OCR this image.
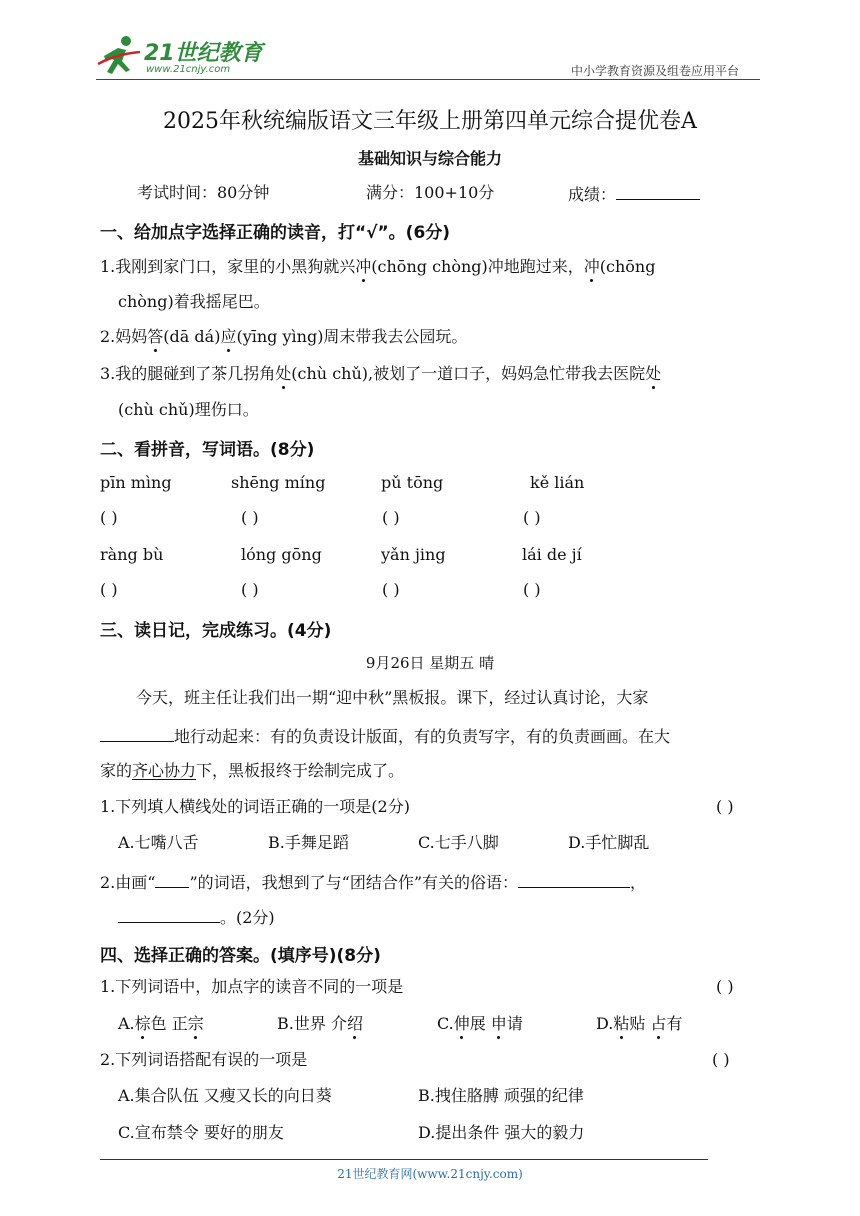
21世纪教育
www.21cnjy.com	中小学教育资源及组卷应用平台
2025年秋统编版语文三年级上册第四单元综合提优卷A
基础知识与综合能力
考试时间：80分钟	满分：100+10分	成绩：
一、给加点字选择正确的读音，打“√”。(6分)
1.我刚到家门口，家里的小黑狗就兴冲(chōng chòng)冲地跑过来，冲(chōng
chòng)着我摇尾巴。
2.妈妈答(dā dá)应(yīng yìng)周末带我去公园玩。
3.我的腿碰到了茶几拐角处(chù chǔ),被划了一道口子，妈妈急忙带我去医院处
(chù chǔ)理伤口。
二、看拼音，写词语。(8分)
pīn mìng	shēng míng	pǔ tōng	kě lián
( )	( )	( )	( )
ràng bù	lóng gōng	yǎn jing	lái de jí
( )	( )	( )	( )
三、读日记，完成练习。(4分)
9月26日 星期五 晴
今天，班主任让我们出一期“迎中秋”黑板报。课下，经过认真讨论，大家
地行动起来：有的负责设计版面，有的负责写字，有的负责画画。在大
家的齐心协力下，黑板报终于绘制完成了。
1.下列填人横线处的词语正确的一项是(2分)	( )
A.七嘴八舌	B.手舞足蹈	C.七手八脚	D.手忙脚乱
2.由画“ ”的词语，我想到了与“团结合作”有关的俗语：	，
。(2分)
四、选择正确的答案。(填序号)(8分)
1.下列词语中，加点字的读音不同的一项是	( )
A.棕色 正宗	B.世界 介绍	C.伸展 申请	D.粘贴 占有
2.下列词语搭配有误的一项是	( )
A.集合队伍 又瘦又长的向日葵	B.拽住胳膊 顽强的纪律
C.宣布禁令 要好的朋友	D.提出条件 强大的毅力
21世纪教育网(www.21cnjy.com)
